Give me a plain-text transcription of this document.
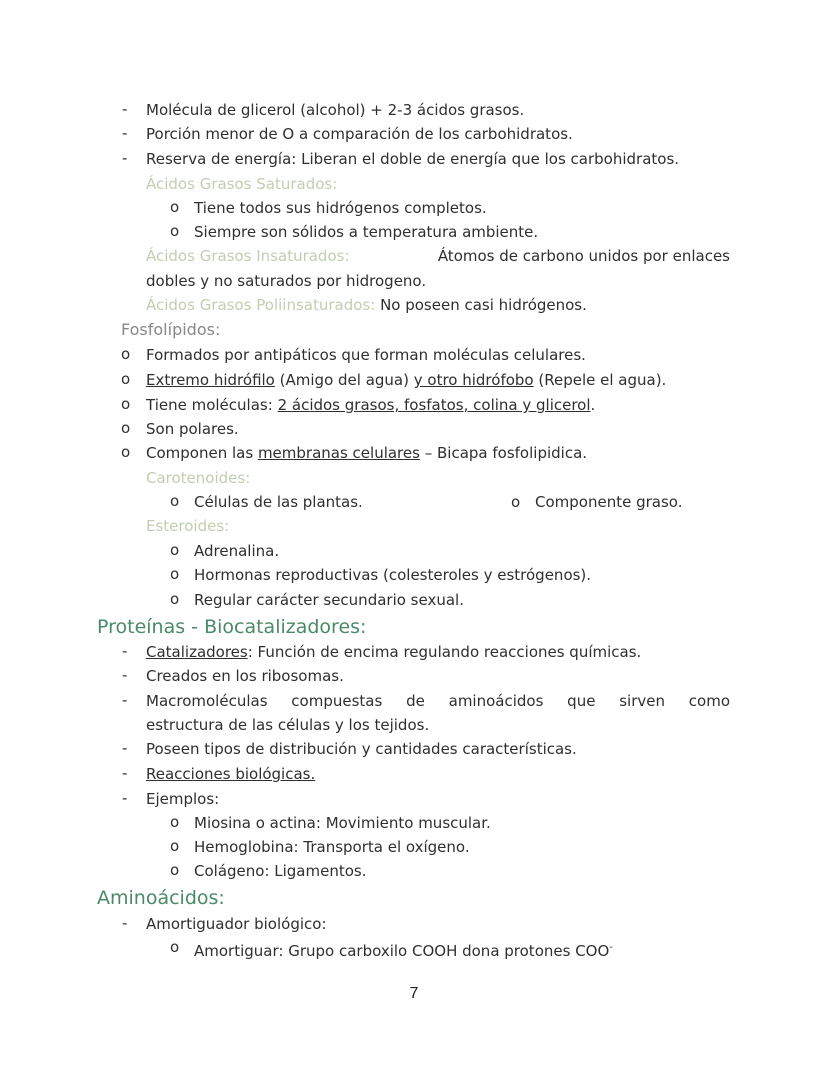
- Molécula de glicerol (alcohol) + 2-3 ácidos grasos.
- Porción menor de O a comparación de los carbohidratos.
- Reserva de energía: Liberan el doble de energía que los carbohidratos.
Ácidos Grasos Saturados:
o Tiene todos sus hidrógenos completos.
o Siempre son sólidos a temperatura ambiente.
Ácidos Grasos Insaturados:	Átomos de carbono unidos por enlaces
dobles y no saturados por hidrogeno.
Ácidos Grasos Poliinsaturados: No poseen casi hidrógenos.
Fosfolípidos:
o Formados por antipáticos que forman moléculas celulares.
o Extremo hidrófilo (Amigo del agua) y otro hidrófobo (Repele el agua).
o Tiene moléculas: 2 ácidos grasos, fosfatos, colina y glicerol.
o Son polares.
o Componen las membranas celulares – Bicapa fosfolipidica.
Carotenoides:
o Células de las plantas.	o Componente graso.
Esteroides:
o Adrenalina.
o Hormonas reproductivas (colesteroles y estrógenos).
o Regular carácter secundario sexual.
Proteínas - Biocatalizadores:
- Catalizadores: Función de encima regulando reacciones químicas.
- Creados en los ribosomas.
- Macromoléculas compuestas de aminoácidos que sirven como
estructura de las células y los tejidos.
- Poseen tipos de distribución y cantidades características.
- Reacciones biológicas.
- Ejemplos:
o Miosina o actina: Movimiento muscular.
o Hemoglobina: Transporta el oxígeno.
o Colágeno: Ligamentos.
Aminoácidos:
- Amortiguador biológico:
o Amortiguar: Grupo carboxilo COOH dona protones COO-
7
